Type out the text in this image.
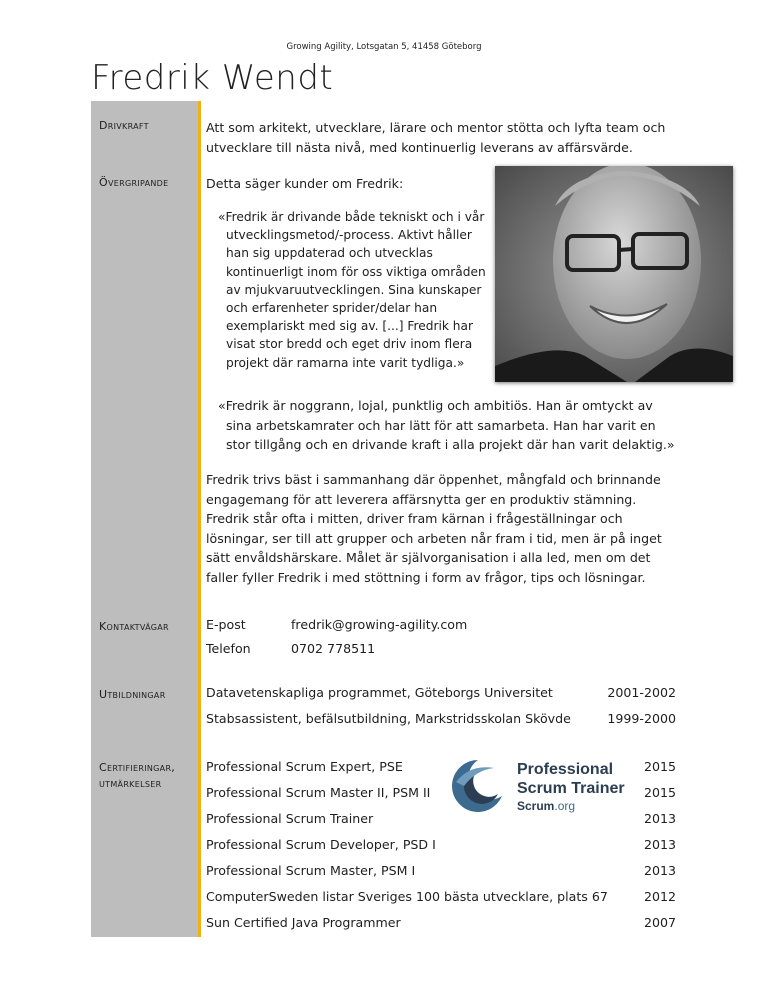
Growing Agility, Lotsgatan 5, 41458 Göteborg
Fredrik Wendt
Drivkraft	Att som arkitekt, utvecklare, lärare och mentor stötta och lyfta team och utvecklare till nästa nivå, med kontinuerlig leverans av affärsvärde.
Övergripande	Detta säger kunder om Fredrik:
«Fredrik är drivande både tekniskt och i vår utvecklingsmetod/-process. Aktivt håller han sig uppdaterad och utvecklas kontinuerligt inom för oss viktiga områden av mjukvaruutvecklingen. Sina kunskaper och erfarenheter sprider/delar han exemplariskt med sig av. [...] Fredrik har visat stor bredd och eget driv inom flera projekt där ramarna inte varit tydliga.»
«Fredrik är noggrann, lojal, punktlig och ambitiös. Han är omtyckt av sina arbetskamrater och har lätt för att samarbeta. Han har varit en stor tillgång och en drivande kraft i alla projekt där han varit delaktig.»
Fredrik trivs bäst i sammanhang där öppenhet, mångfald och brinnande engagemang för att leverera affärsnytta ger en produktiv stämning. Fredrik står ofta i mitten, driver fram kärnan i frågeställningar och lösningar, ser till att grupper och arbeten når fram i tid, men är på inget sätt envåldshärskare. Målet är självorganisation i alla led, men om det faller fyller Fredrik i med stöttning i form av frågor, tips och lösningar.
Kontaktvägar	E-post	fredrik@growing-agility.com
Telefon	0702 778511
Utbildningar	Datavetenskapliga programmet, Göteborgs Universitet	2001-2002
Stabsassistent, befälsutbildning, Markstridsskolan Skövde	1999-2000
Certifieringar,
utmärkelser
Professional
Scrum Trainer
Scrum.org
Professional Scrum Expert, PSE	2015
Professional Scrum Master II, PSM II	2015
Professional Scrum Trainer	2013
Professional Scrum Developer, PSD I	2013
Professional Scrum Master, PSM I	2013
ComputerSweden listar Sveriges 100 bästa utvecklare, plats 67	2012
Sun Certified Java Programmer	2007
